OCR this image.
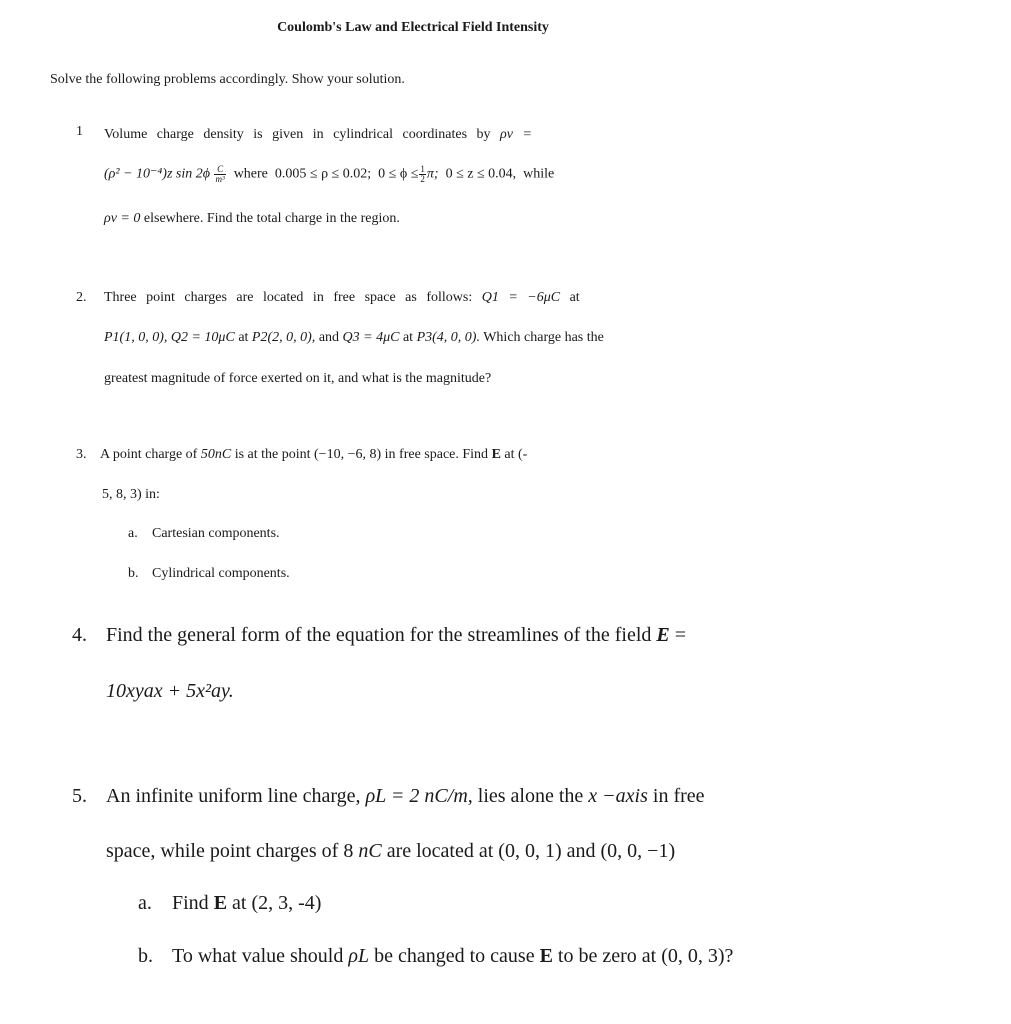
Coulomb's Law and Electrical Field Intensity
Solve the following problems accordingly. Show your solution.
1 Volume charge density is given in cylindrical coordinates by ρv =
(ρ² − 10⁻⁴)z $\sin 2\phi \frac{C}{\text{m³}}$ where 0.005 ≤ ρ ≤ 0.02; $0 \le \phi \le \frac{1}{2} \pi$; 0 ≤ z ≤ 0.04, while
ρv = 0 elsewhere. Find the total charge in the region.
2. Three point charges are located in free space as follows: Q1 = −6μC at
P1(1, 0, 0), Q2 = 10μC at P2(2, 0, 0), and Q3 = 4μC at P3(4, 0, 0). Which charge has the
greatest magnitude of force exerted on it, and what is the magnitude?
3. A point charge of 50nC is at the point (−10, −6, 8) in free space. Find E at (-
5, 8, 3) in:
a. Cartesian components.
b. Cylindrical components.
4. Find the general form of the equation for the streamlines of the field E =
10xyax + 5x²ay.
5. An infinite uniform line charge, ρL = 2 nC/m, lies alone the x −axis in free
space, while point charges of 8 nC are located at (0, 0, 1) and (0, 0, −1)
a. Find E at (2, 3, -4)
b. To what value should ρL be changed to cause E to be zero at (0, 0, 3)?
